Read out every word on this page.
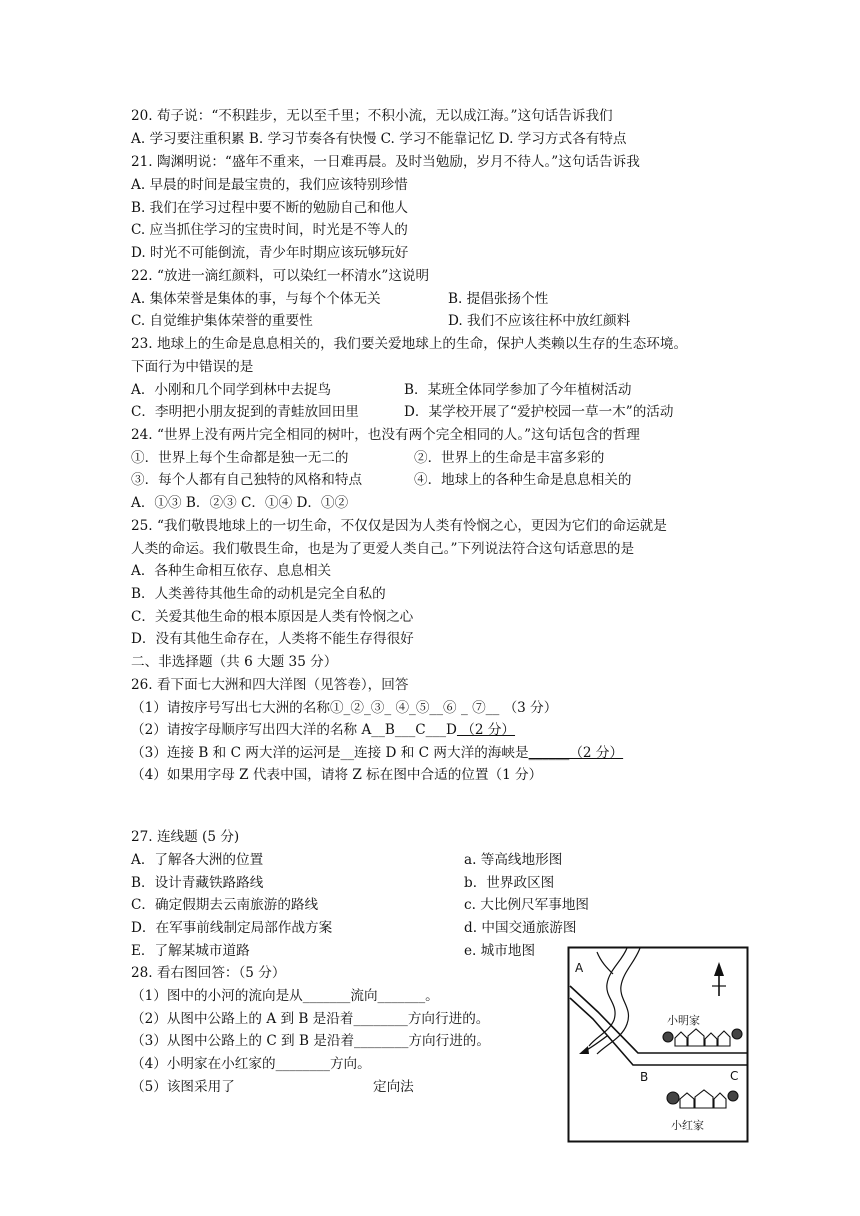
20. 荀子说：“不积跬步，无以至千里；不积小流，无以成江海。”这句话告诉我们
A. 学习要注重积累 B. 学习节奏各有快慢 C. 学习不能靠记忆 D. 学习方式各有特点
21. 陶渊明说：“盛年不重来，一日难再晨。及时当勉励，岁月不待人。”这句话告诉我
A. 早晨的时间是最宝贵的，我们应该特别珍惜
B. 我们在学习过程中要不断的勉励自己和他人
C. 应当抓住学习的宝贵时间，时光是不等人的
D. 时光不可能倒流，青少年时期应该玩够玩好
22. “放进一滴红颜料，可以染红一杯清水”这说明
A. 集体荣誉是集体的事，与每个个体无关	B. 提倡张扬个性
C. 自觉维护集体荣誉的重要性	D. 我们不应该往杯中放红颜料
23. 地球上的生命是息息相关的，我们要关爱地球上的生命，保护人类赖以生存的生态环境。
下面行为中错误的是
A．小刚和几个同学到林中去捉鸟	B．某班全体同学参加了今年植树活动
C．李明把小朋友捉到的青蛙放回田里	D．某学校开展了“爱护校园一草一木”的活动
24. “世界上没有两片完全相同的树叶，也没有两个完全相同的人。”这句话包含的哲理
①．世界上每个生命都是独一无二的	②．世界上的生命是丰富多彩的
③．每个人都有自己独特的风格和特点	④．地球上的各种生命是息息相关的
A．①③ B．②③ C．①④ D．①②
25. “我们敬畏地球上的一切生命，不仅仅是因为人类有怜悯之心，更因为它们的命运就是
人类的命运。我们敬畏生命，也是为了更爱人类自己。”下列说法符合这句话意思的是
A．各种生命相互依存、息息相关
B．人类善待其他生命的动机是完全自私的
C．关爱其他生命的根本原因是人类有怜悯之心
D．没有其他生命存在，人类将不能生存得很好
二、非选择题（共 6 大题 35 分）
26. 看下面七大洲和四大洋图（见答卷），回答
（1）请按序号写出七大洲的名称①_②_③_ ④_⑤__⑥ _ ⑦__ （3 分）
（2）请按字母顺序写出四大洋的名称 A__B___C___D （2 分）
（3）连接 B 和 C 两大洋的运河是__连接 D 和 C 两大洋的海峡是______（2 分）
（4）如果用字母 Z 代表中国，请将 Z 标在图中合适的位置（1 分）
27. 连线题 (5 分)
A．了解各大洲的位置	a. 等高线地形图
B．设计青藏铁路路线	b．世界政区图
C．确定假期去云南旅游的路线	c. 大比例尺军事地图
D．在军事前线制定局部作战方案	d. 中国交通旅游图
E．了解某城市道路	e. 城市地图
28. 看右图回答：（5 分）
（1）图中的小河的流向是从_______流向_______。
（2）从图中公路上的 A 到 B 是沿着________方向行进的。
（3）从图中公路上的 C 到 B 是沿着________方向行进的。
（4）小明家在小红家的________方向。
（5）该图采用了	定向法
小明家
小红家
A
B	C
